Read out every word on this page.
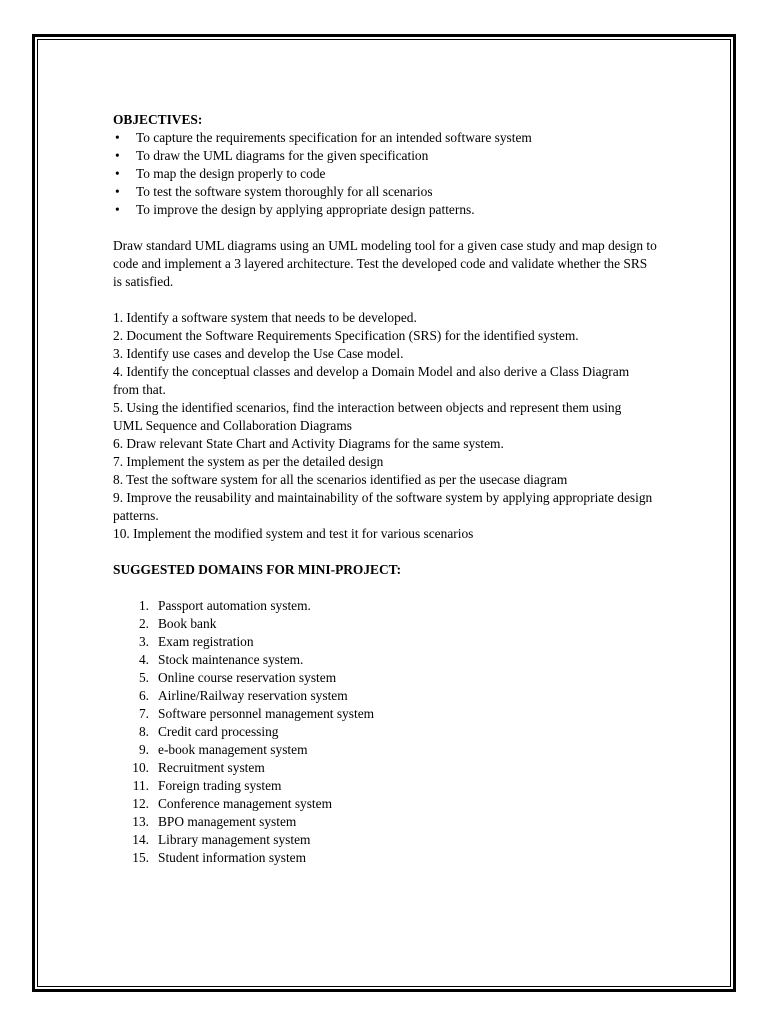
OBJECTIVES:

• To capture the requirements specification for an intended software system
• To draw the UML diagrams for the given specification
• To map the design properly to code
• To test the software system thoroughly for all scenarios
• To improve the design by applying appropriate design patterns.

Draw standard UML diagrams using an UML modeling tool for a given case study and map design to code and implement a 3 layered architecture. Test the developed code and validate whether the SRS is satisfied.

1. Identify a software system that needs to be developed.

2. Document the Software Requirements Specification (SRS) for the identified system.

3. Identify use cases and develop the Use Case model.

4. Identify the conceptual classes and develop a Domain Model and also derive a Class Diagram from that.

5. Using the identified scenarios, find the interaction between objects and represent them using

UML Sequence and Collaboration Diagrams

6. Draw relevant State Chart and Activity Diagrams for the same system.

7. Implement the system as per the detailed design

8. Test the software system for all the scenarios identified as per the usecase diagram

9. Improve the reusability and maintainability of the software system by applying appropriate design patterns.

10. Implement the modified system and test it for various scenarios

SUGGESTED DOMAINS FOR MINI-PROJECT:

1. Passport automation system.
2. Book bank
3. Exam registration
4. Stock maintenance system.
5. Online course reservation system
6. Airline/Railway reservation system
7. Software personnel management system
8. Credit card processing
9. e-book management system
10. Recruitment system
11. Foreign trading system
12. Conference management system
13. BPO management system
14. Library management system
15. Student information system
